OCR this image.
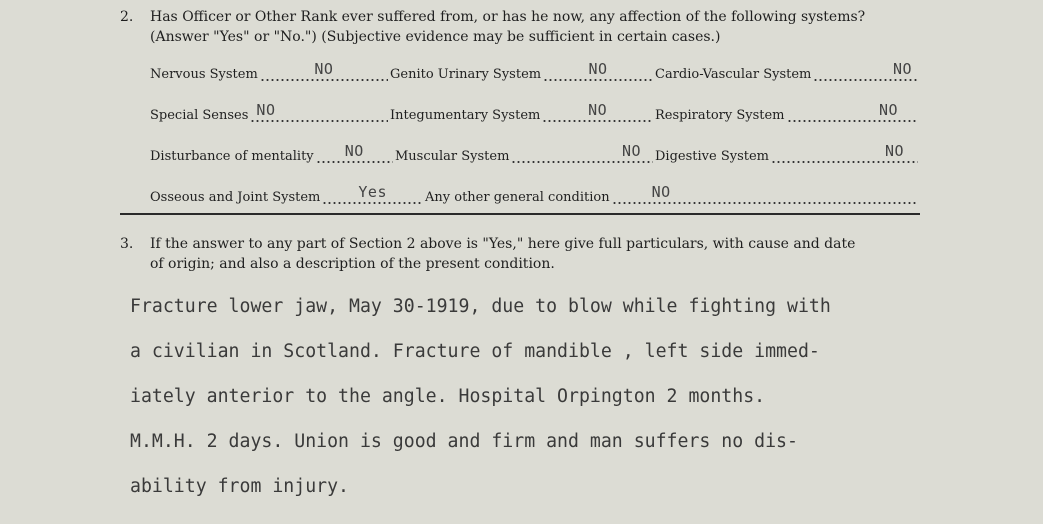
2. Has Officer or Other Rank ever suffered from, or has he now, any affection of the following systems?
(Answer "Yes" or "No.") (Subjective evidence may be sufficient in certain cases.)
Nervous System	NO	Genito Urinary System	NO	Cardio-Vascular System	NO
Special Senses NO	Integumentary System	NO	Respiratory System	NO
Disturbance of mentality NO Muscular System	NO Digestive System	NO
Osseous and Joint System	Yes	Any other general condition	NO
3. If the answer to any part of Section 2 above is "Yes," here give full particulars, with cause and date
of origin; and also a description of the present condition.
Fracture lower jaw, May 30-1919, due to blow while fighting with
a civilian in Scotland. Fracture of mandible , left side immed-
iately anterior to the angle. Hospital Orpington 2 months.
M.M.H. 2 days. Union is good and firm and man suffers no dis-
ability from injury.
